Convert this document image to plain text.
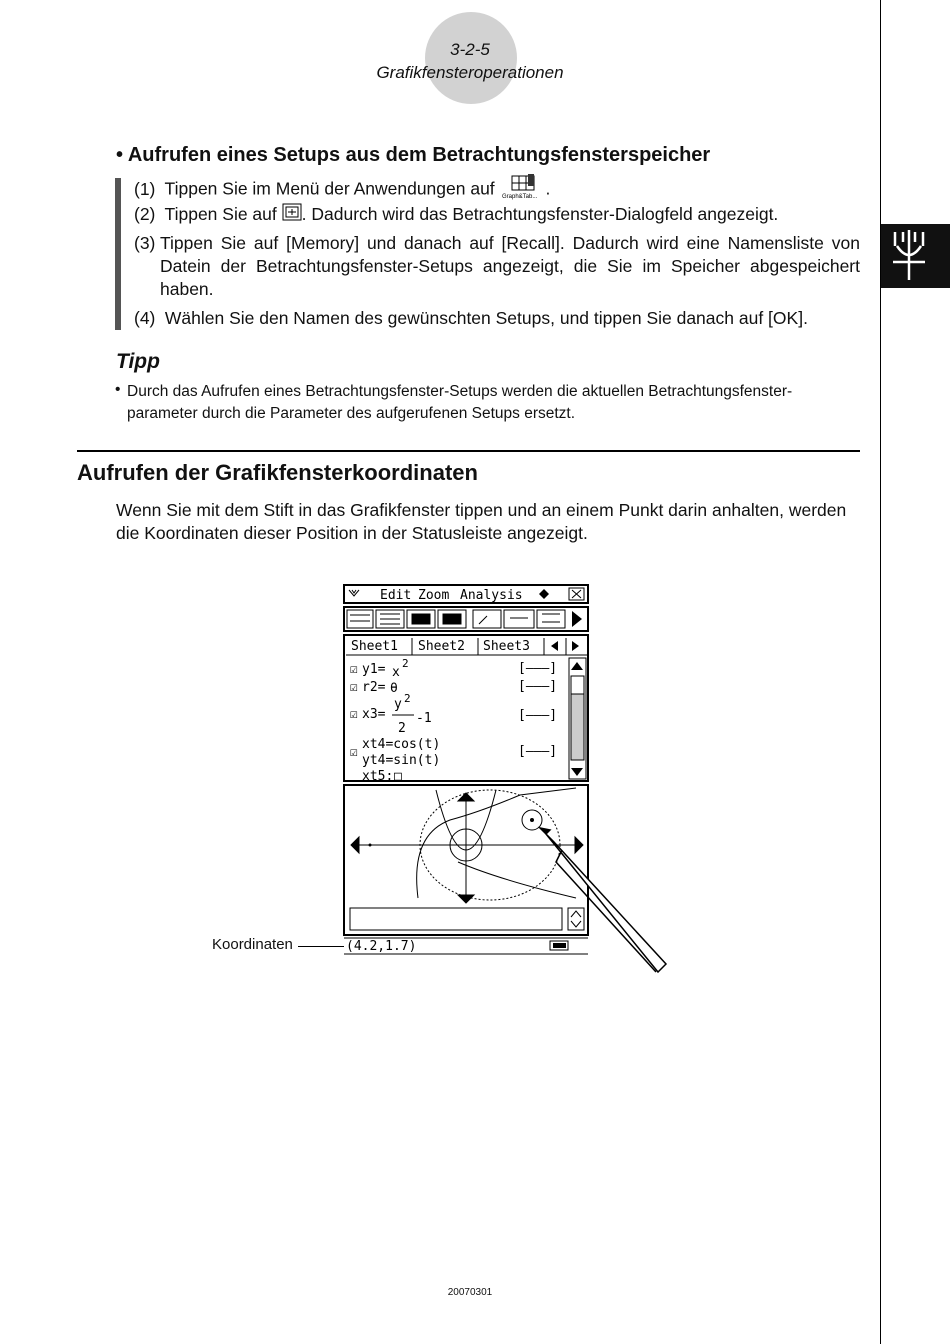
3-2-5
Grafikfensteroperationen
• Aufrufen eines Setups aus dem Betrachtungsfensterspeicher
(1) Tippen Sie im Menü der Anwendungen auf Graph&Tab... .
(2) Tippen Sie auf . Dadurch wird das Betrachtungsfenster-Dialogfeld angezeigt.
(3) Tippen Sie auf [Memory] und danach auf [Recall]. Dadurch wird eine Namensliste von Datein der Betrachtungsfenster-Setups angezeigt, die Sie im Speicher abgespeichert haben.
(4) Wählen Sie den Namen des gewünschten Setups, und tippen Sie danach auf [OK].
Tipp
• Durch das Aufrufen eines Betrachtungsfenster-Setups werden die aktuellen Betrachtungsfenster-parameter durch die Parameter des aufgerufenen Setups ersetzt.
Aufrufen der Grafikfensterkoordinaten
Wenn Sie mit dem Stift in das Grafikfenster tippen und an einem Punkt darin anhalten, werden die Koordinaten dieser Position in der Statusleiste angezeigt.
Edit Zoom Analysis
Sheet1 Sheet2 Sheet3
☑ y1= x
2
☑ r2= θ
☑ x3=
y 2
2
-1
☑
xt4=cos(t)
yt4=sin(t)
xt5: □
[———]
[———]
[———]
[———]
(4.2,1.7)
Koordinaten
20070301
